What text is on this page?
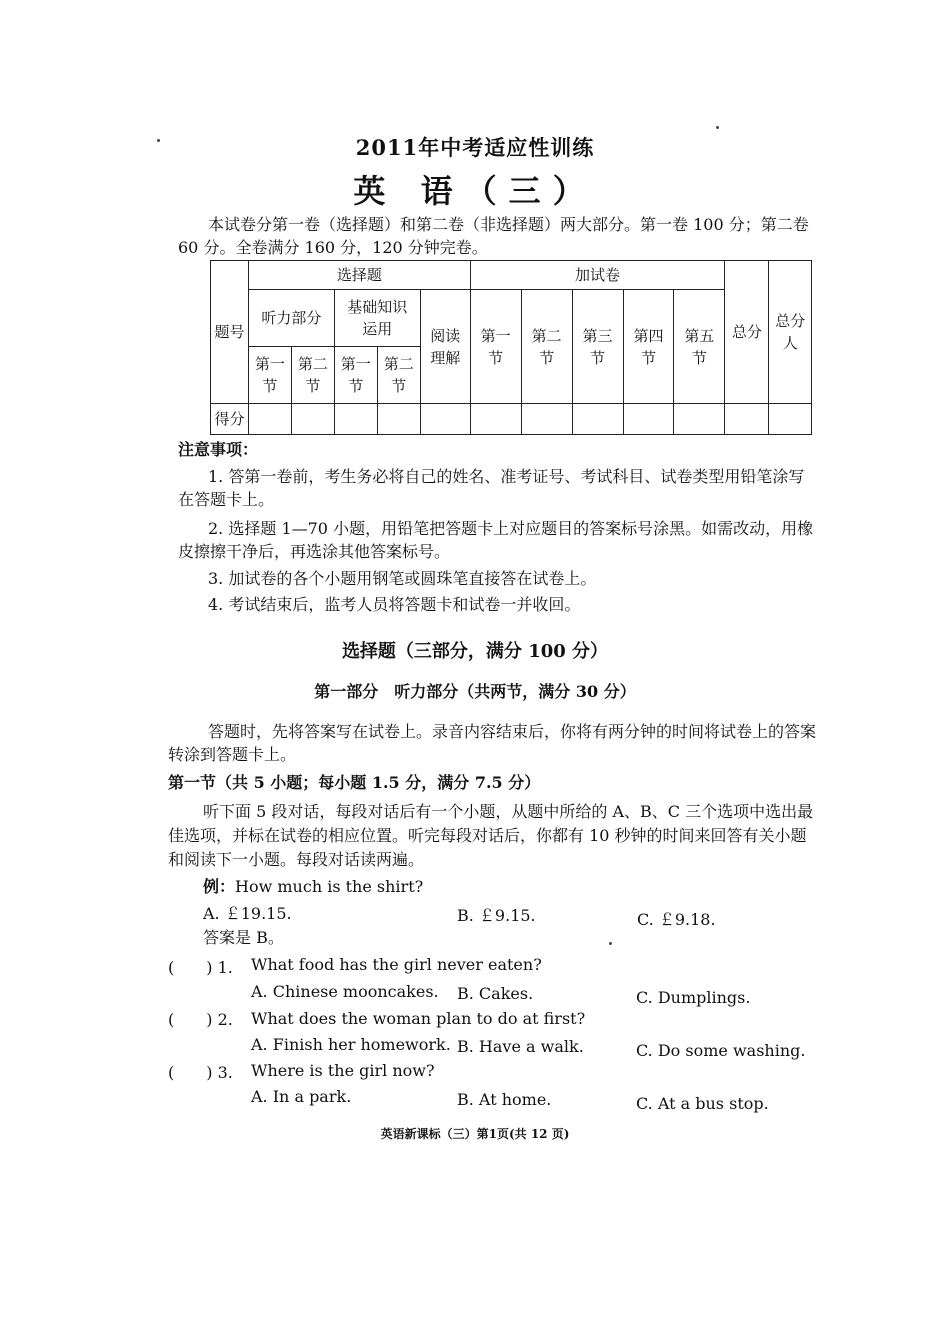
2011年中考适应性训练
英 语（三）
本试卷分第一卷（选择题）和第二卷（非选择题）两大部分。第一卷 100 分；第二卷
60 分。全卷满分 160 分，120 分钟完卷。
题号	选择题					加试卷					总分	总分人
	听力部分		基础知识运用		阅读理解	第一节	第二节	第三节	第四节	第五节		
	第一节	第二节	第一节	第二节								
得分												
注意事项：
1. 答第一卷前，考生务必将自己的姓名、准考证号、考试科目、试卷类型用铅笔涂写
在答题卡上。
2. 选择题 1—70 小题，用铅笔把答题卡上对应题目的答案标号涂黑。如需改动，用橡
皮擦擦干净后，再选涂其他答案标号。
3. 加试卷的各个小题用钢笔或圆珠笔直接答在试卷上。
4. 考试结束后，监考人员将答题卡和试卷一并收回。
选择题（三部分，满分 100 分）
第一部分　听力部分（共两节，满分 30 分）
答题时，先将答案写在试卷上。录音内容结束后，你将有两分钟的时间将试卷上的答案
转涂到答题卡上。
第一节（共 5 小题；每小题 1.5 分，满分 7.5 分）
听下面 5 段对话，每段对话后有一个小题，从题中所给的 A、B、C 三个选项中选出最
佳选项，并标在试卷的相应位置。听完每段对话后，你都有 10 秒钟的时间来回答有关小题
和阅读下一小题。每段对话读两遍。
例：How much is the shirt?
A. ￡19.15.	B. ￡9.15.	C. ￡9.18.
答案是 B。
(　　) 1. What food has the girl never eaten?
A. Chinese mooncakes. B. Cakes.	C. Dumplings.
(　　) 2. What does the woman plan to do at first?
A. Finish her homework. B. Have a walk.	C. Do some washing.
(　　) 3. Where is the girl now?
A. In a park.	B. At home.	C. At a bus stop.
英语新课标（三）第1页(共 12 页)
